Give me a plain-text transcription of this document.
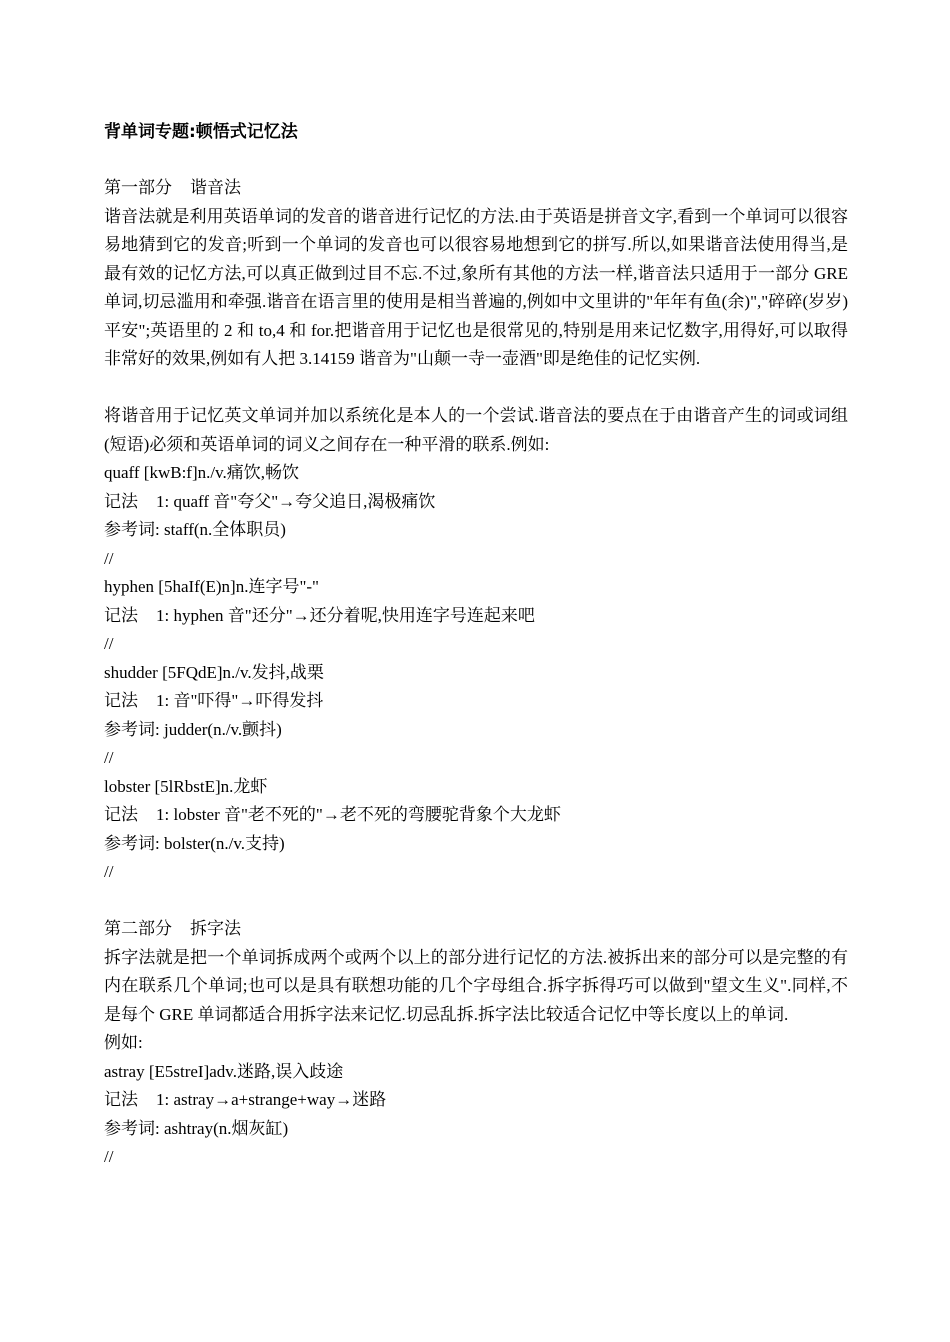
背单词专题:顿悟式记忆法
第一部分 谐音法
谐音法就是利用英语单词的发音的谐音进行记忆的方法.由于英语是拼音文字,看到一个单词可以很容易地猜到它的发音;听到一个单词的发音也可以很容易地想到它的拼写.所以,如果谐音法使用得当,是最有效的记忆方法,可以真正做到过目不忘.不过,象所有其他的方法一样,谐音法只适用于一部分 GRE 单词,切忌滥用和牵强.谐音在语言里的使用是相当普遍的,例如中文里讲的"年年有鱼(余)","碎碎(岁岁)平安";英语里的 2 和 to,4 和 for.把谐音用于记忆也是很常见的,特别是用来记忆数字,用得好,可以取得非常好的效果,例如有人把 3.14159 谐音为"山颠一寺一壶酒"即是绝佳的记忆实例.
将谐音用于记忆英文单词并加以系统化是本人的一个尝试.谐音法的要点在于由谐音产生的词或词组(短语)必须和英语单词的词义之间存在一种平滑的联系.例如:
quaff [kwB:f]n./v.痛饮,畅饮
记法 1: quaff 音"夸父"→夸父追日,渴极痛饮
参考词: staff(n.全体职员)
//
hyphen [5haIf(E)n]n.连字号"-"
记法 1: hyphen 音"还分"→还分着呢,快用连字号连起来吧
//
shudder [5FQdE]n./v.发抖,战栗
记法 1: 音"吓得"→吓得发抖
参考词: judder(n./v.颤抖)
//
lobster [5lRbstE]n.龙虾
记法 1: lobster 音"老不死的"→老不死的弯腰驼背象个大龙虾
参考词: bolster(n./v.支持)
//
第二部分 拆字法
拆字法就是把一个单词拆成两个或两个以上的部分进行记忆的方法.被拆出来的部分可以是完整的有内在联系几个单词;也可以是具有联想功能的几个字母组合.拆字拆得巧可以做到"望文生义".同样,不是每个 GRE 单词都适合用拆字法来记忆.切忌乱拆.拆字法比较适合记忆中等长度以上的单词.
例如:
astray [E5streI]adv.迷路,误入歧途
记法 1: astray→a+strange+way→迷路
参考词: ashtray(n.烟灰缸)
//
